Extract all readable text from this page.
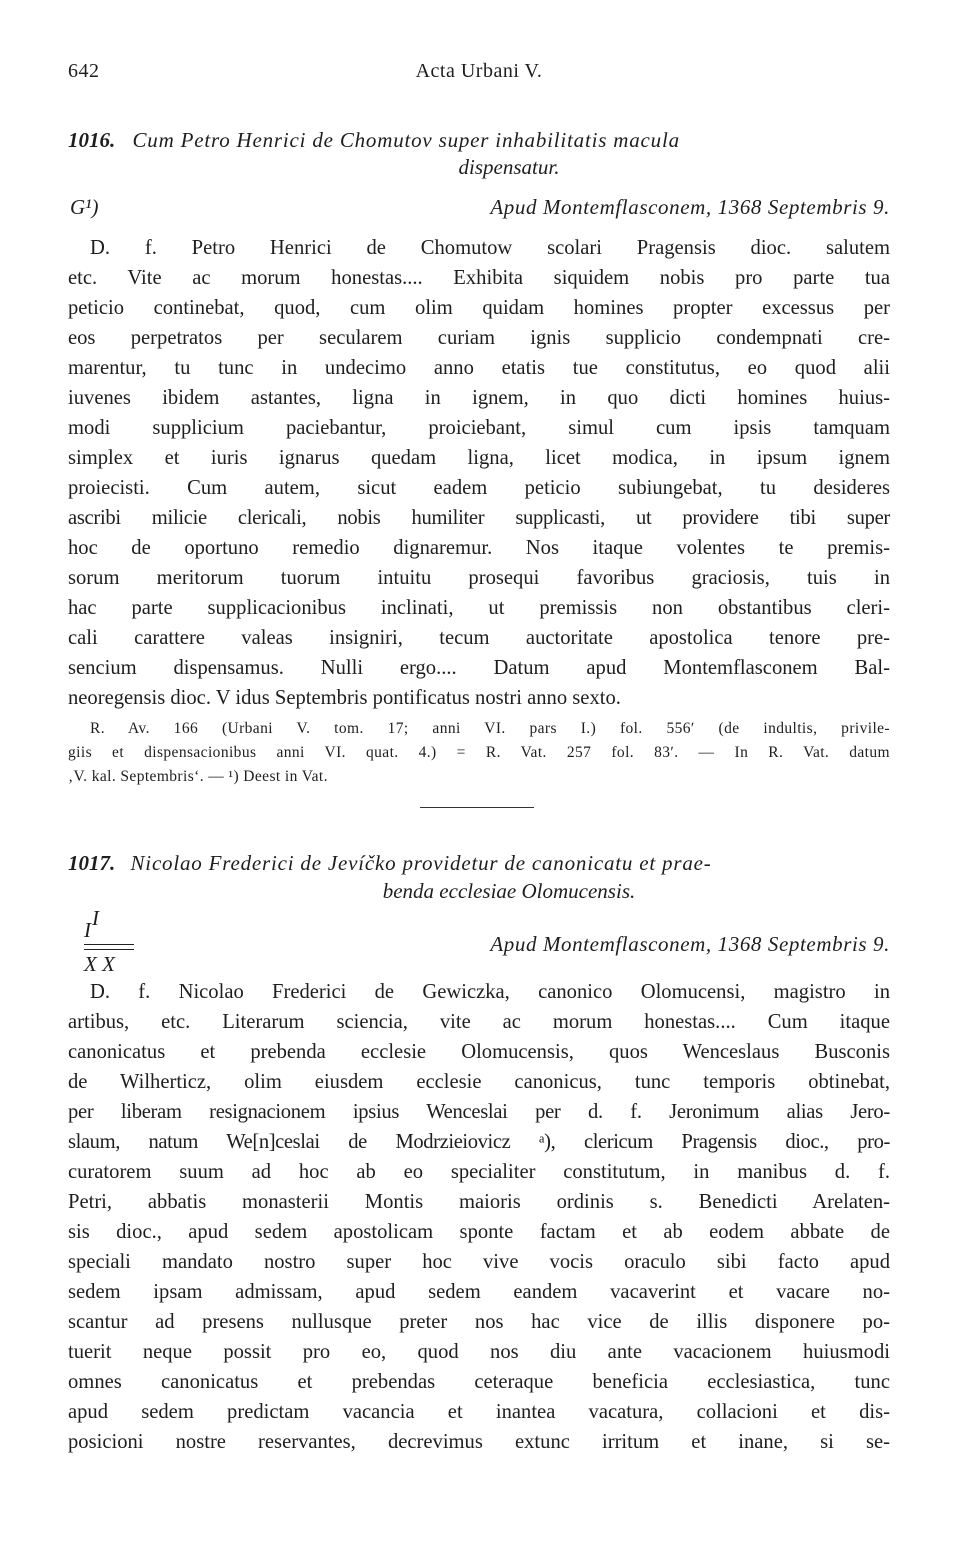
642	Acta Urbani V.
1016. Cum Petro Henrici de Chomutov super inhabilitatis macula
dispensatur.
G¹)	Apud Montemflasconem, 1368 Septembris 9.
D. f. Petro Henrici de Chomutow scolari Pragensis dioc. salutem
etc. Vite ac morum honestas.... Exhibita siquidem nobis pro parte tua
peticio continebat, quod, cum olim quidam homines propter excessus per
eos perpetratos per secularem curiam ignis supplicio condempnati cre-
marentur, tu tunc in undecimo anno etatis tue constitutus, eo quod alii
iuvenes ibidem astantes, ligna in ignem, in quo dicti homines huius-
modi supplicium paciebantur, proiciebant, simul cum ipsis tamquam
simplex et iuris ignarus quedam ligna, licet modica, in ipsum ignem
proiecisti. Cum autem, sicut eadem peticio subiungebat, tu desideres
ascribi milicie clericali, nobis humiliter supplicasti, ut providere tibi super
hoc de oportuno remedio dignaremur. Nos itaque volentes te premis-
sorum meritorum tuorum intuitu prosequi favoribus graciosis, tuis in
hac parte supplicacionibus inclinati, ut premissis non obstantibus cleri-
cali carattere valeas insigniri, tecum auctoritate apostolica tenore pre-
sencium dispensamus. Nulli ergo.... Datum apud Montemflasconem Bal-
neoregensis dioc. V idus Septembris pontificatus nostri anno sexto.
R. Av. 166 (Urbani V. tom. 17; anni VI. pars I.) fol. 556ʹ (de indultis, privile-
giis et dispensacionibus anni VI. quat. 4.) = R. Vat. 257 fol. 83ʹ. — In R. Vat. datum
‚V. kal. Septembris‘. — ¹) Deest in Vat.
1017. Nicolao Frederici de Jevíčko providetur de canonicatu et prae-
benda ecclesiae Olomucensis.
I
I
X X
Apud Montemflasconem, 1368 Septembris 9.
D. f. Nicolao Frederici de Gewiczka, canonico Olomucensi, magistro in
artibus, etc. Literarum sciencia, vite ac morum honestas.... Cum itaque
canonicatus et prebenda ecclesie Olomucensis, quos Wenceslaus Busconis
de Wilherticz, olim eiusdem ecclesie canonicus, tunc temporis obtinebat,
per liberam resignacionem ipsius Wenceslai per d. f. Jeronimum alias Jero-
slaum, natum We[n]ceslai de Modrzieiovicz ᵃ), clericum Pragensis dioc., pro-
curatorem suum ad hoc ab eo specialiter constitutum, in manibus d. f.
Petri, abbatis monasterii Montis maioris ordinis s. Benedicti Arelaten-
sis dioc., apud sedem apostolicam sponte factam et ab eodem abbate de
speciali mandato nostro super hoc vive vocis oraculo sibi facto apud
sedem ipsam admissam, apud sedem eandem vacaverint et vacare no-
scantur ad presens nullusque preter nos hac vice de illis disponere po-
tuerit neque possit pro eo, quod nos diu ante vacacionem huiusmodi
omnes canonicatus et prebendas ceteraque beneficia ecclesiastica, tunc
apud sedem predictam vacancia et inantea vacatura, collacioni et dis-
posicioni nostre reservantes, decrevimus extunc irritum et inane, si se-
